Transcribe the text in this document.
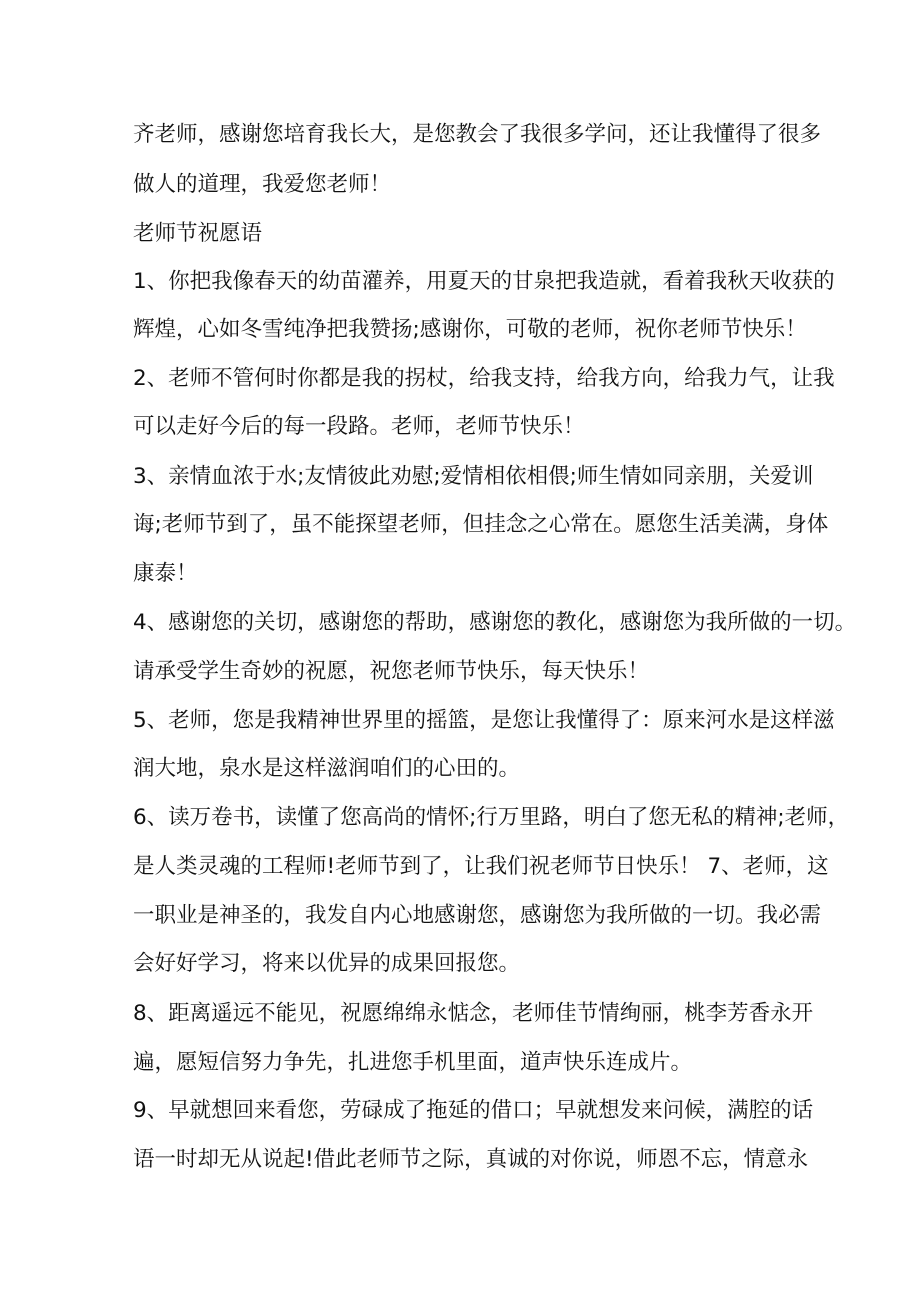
齐老师，感谢您培育我长大，是您教会了我很多学问，还让我懂得了很多
做人的道理，我爱您老师！
老师节祝愿语
1、你把我像春天的幼苗灌养，用夏天的甘泉把我造就，看着我秋天收获的
辉煌，心如冬雪纯净把我赞扬;感谢你，可敬的老师，祝你老师节快乐！
2、老师不管何时你都是我的拐杖，给我支持，给我方向，给我力气，让我
可以走好今后的每一段路。老师，老师节快乐！
3、亲情血浓于水;友情彼此劝慰;爱情相依相偎;师生情如同亲朋，关爱训
诲;老师节到了，虽不能探望老师，但挂念之心常在。愿您生活美满，身体
康泰！
4、感谢您的关切，感谢您的帮助，感谢您的教化，感谢您为我所做的一切。
请承受学生奇妙的祝愿，祝您老师节快乐，每天快乐！
5、老师，您是我精神世界里的摇篮，是您让我懂得了：原来河水是这样滋
润大地，泉水是这样滋润咱们的心田的。
6、读万卷书，读懂了您高尚的情怀;行万里路，明白了您无私的精神;老师，
是人类灵魂的工程师!老师节到了，让我们祝老师节日快乐！ 7、老师，这
一职业是神圣的，我发自内心地感谢您，感谢您为我所做的一切。我必需
会好好学习，将来以优异的成果回报您。
8、距离遥远不能见，祝愿绵绵永惦念，老师佳节情绚丽，桃李芳香永开
遍，愿短信努力争先，扎进您手机里面，道声快乐连成片。
9、早就想回来看您，劳碌成了拖延的借口；早就想发来问候，满腔的话
语一时却无从说起!借此老师节之际，真诚的对你说，师恩不忘，情意永
